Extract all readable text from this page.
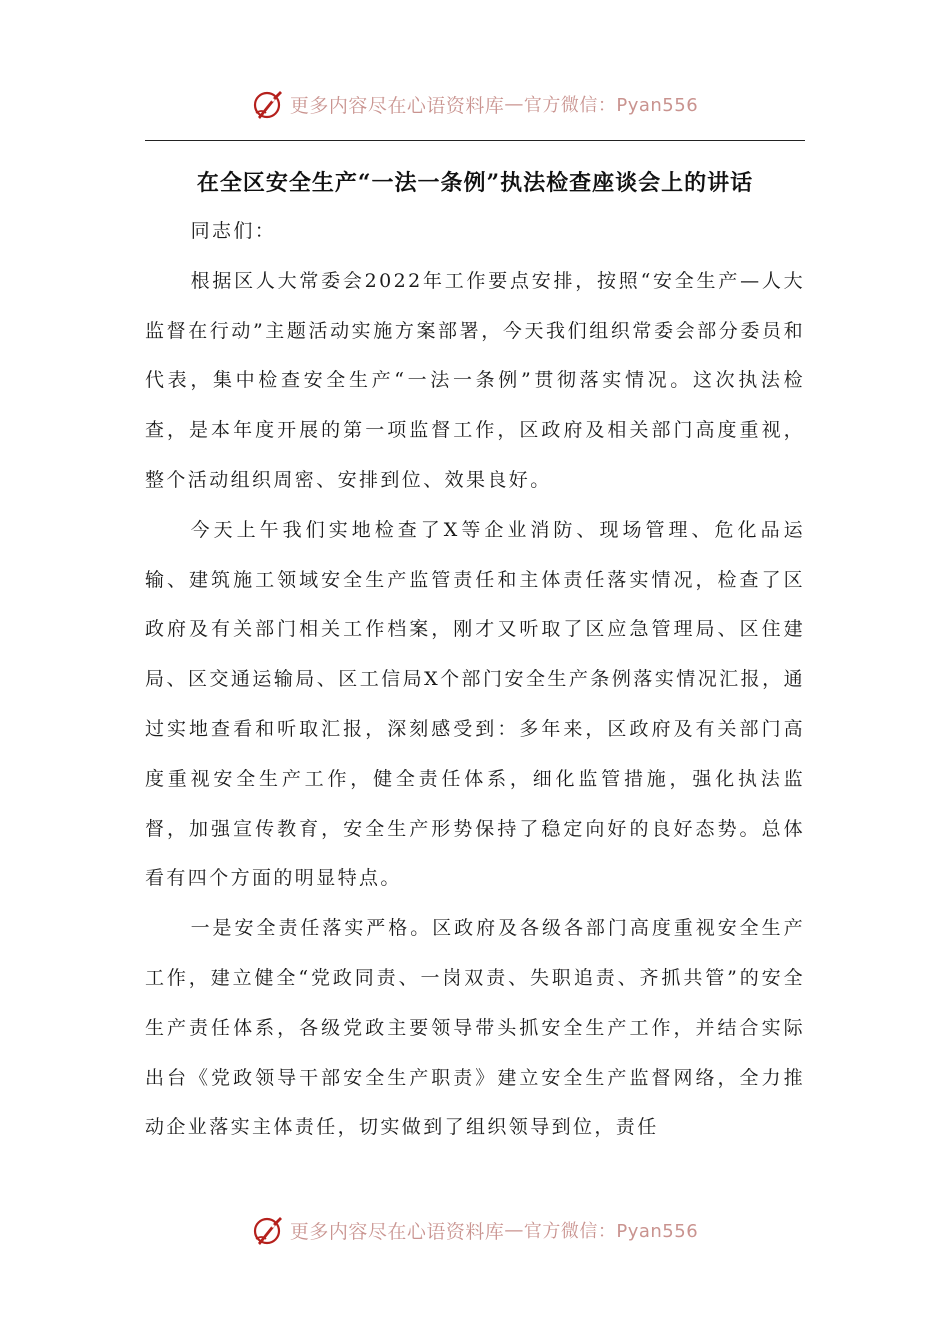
更多内容尽在心语资料库 — 官方微信：Pyan556
在全区安全生产“一法一条例”执法检查座谈会上的讲话

同志们：

根据区人大常委会2022年工作要点安排，按照“安全生产—人大监督在行动”主题活动实施方案部署，今天我们组织常委会部分委员和代表，集中检查安全生产“一法一条例”贯彻落实情况。这次执法检查，是本年度开展的第一项监督工作，区政府及相关部门高度重视，整个活动组织周密、安排到位、效果良好。

今天上午我们实地检查了X等企业消防、现场管理、危化品运输、建筑施工领域安全生产监管责任和主体责任落实情况，检查了区政府及有关部门相关工作档案，刚才又听取了区应急管理局、区住建局、区交通运输局、区工信局X个部门安全生产条例落实情况汇报，通过实地查看和听取汇报，深刻感受到：多年来，区政府及有关部门高度重视安全生产工作，健全责任体系，细化监管措施，强化执法监督，加强宣传教育，安全生产形势保持了稳定向好的良好态势。总体看有四个方面的明显特点。

一是安全责任落实严格。区政府及各级各部门高度重视安全生产工作，建立健全“党政同责、一岗双责、失职追责、齐抓共管”的安全生产责任体系，各级党政主要领导带头抓安全生产工作，并结合实际出台《党政领导干部安全生产职责》建立安全生产监督网络，全力推动企业落实主体责任，切实做到了组织领导到位，责任

更多内容尽在心语资料库 — 官方微信：Pyan556
